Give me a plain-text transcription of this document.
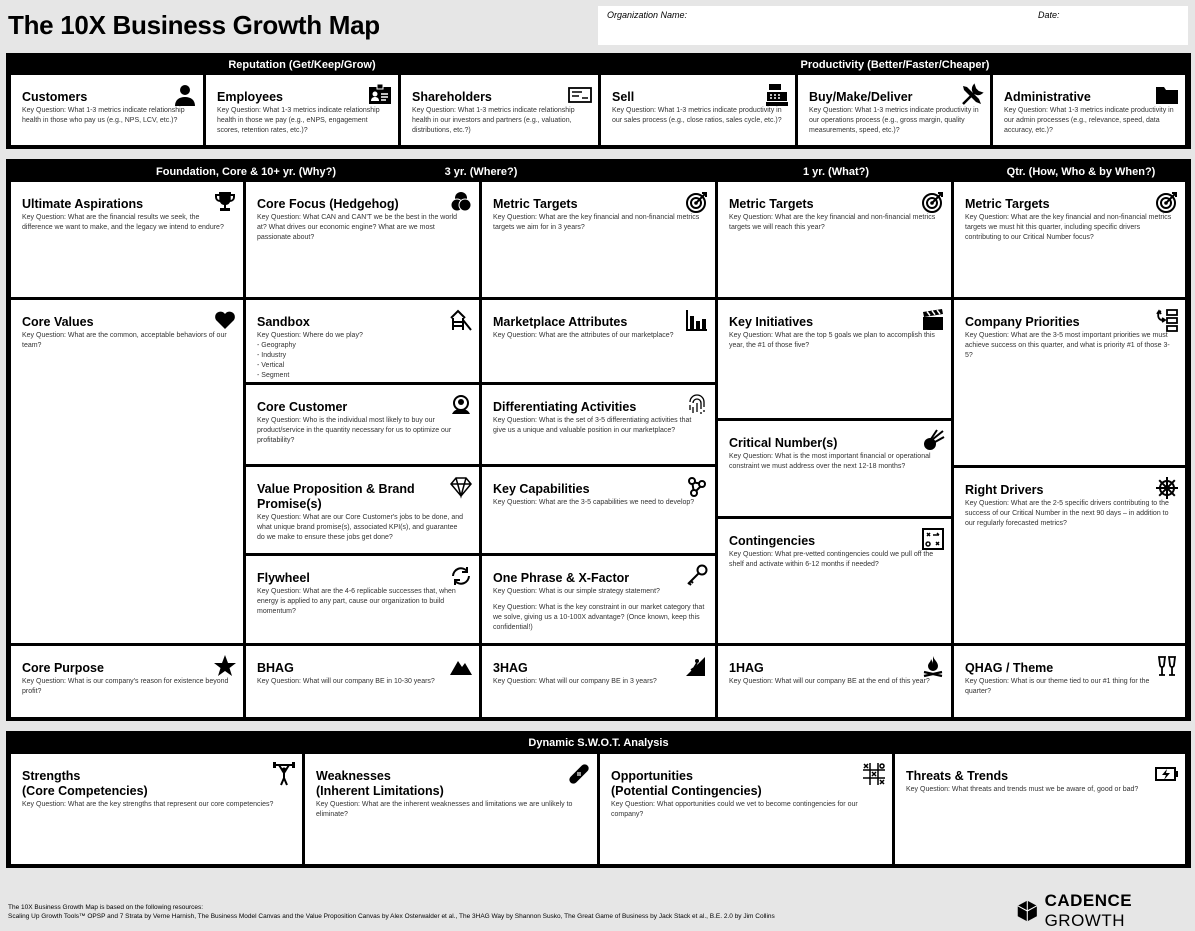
The 10X Business Growth Map	Organization Name:	Date:
Reputation (Get/Keep/Grow)	Productivity (Better/Faster/Cheaper)
Customers
Key Question: What 1-3 metrics indicate relationship health in those who pay us (e.g., NPS, LCV, etc.)?
Employees
Key Question: What 1-3 metrics indicate relationship health in those we pay (e.g., eNPS, engagement scores, retention rates, etc.)?
Shareholders
Key Question: What 1-3 metrics indicate relationship health in our investors and partners (e.g., valuation, distributions, etc.?)
Sell
Key Question: What 1-3 metrics indicate productivity in our sales process (e.g., close ratios, sales cycle, etc.)?
Buy/Make/Deliver
Key Question: What 1-3 metrics indicate productivity in our operations process (e.g., gross margin, quality measurements, speed, etc.)?
Administrative
Key Question: What 1-3 metrics indicate productivity in our admin processes (e.g., relevance, speed, data accuracy, etc.)?
Foundation, Core & 10+ yr. (Why?)	3 yr. (Where?)	1 yr. (What?)	Qtr. (How, Who & by When?)
Ultimate Aspirations
Key Question: What are the financial results we seek, the difference we want to make, and the legacy we intend to endure?
Core Values
Key Question: What are the common, acceptable behaviors of our team?
Core Purpose
Key Question: What is our company's reason for existence beyond profit?
Core Focus (Hedgehog)
Key Question: What CAN and CAN'T we be the best in the world at? What drives our economic engine? What are we most passionate about?
Sandbox
Key Question: Where do we play?
- Geography
- Industry
- Vertical
- Segment
Core Customer
Key Question: Who is the individual most likely to buy our product/service in the quantity necessary for us to optimize our profitability?
Value Proposition & Brand Promise(s)
Key Question: What are our Core Customer's jobs to be done, and what unique brand promise(s), associated KPI(s), and guarantee do we make to ensure these jobs get done?
Flywheel
Key Question: What are the 4-6 replicable successes that, when energy is applied to any part, cause our organization to build momentum?
BHAG
Key Question: What will our company BE in 10-30 years?
Metric Targets
Key Question: What are the key financial and non-financial metrics targets we aim for in 3 years?
Marketplace Attributes
Key Question: What are the attributes of our marketplace?
Differentiating Activities
Key Question: What is the set of 3-5 differentiating activities that give us a unique and valuable position in our marketplace?
Key Capabilities
Key Question: What are the 3-5 capabilities we need to develop?
One Phrase & X-Factor
Key Question: What is our simple strategy statement?
Key Question: What is the key constraint in our market category that we solve, giving us a 10-100X advantage? (Once known, keep this confidential!)
3HAG
Key Question: What will our company BE in 3 years?
Metric Targets
Key Question: What are the key financial and non-financial metrics targets we will reach this year?
Key Initiatives
Key Question: What are the top 5 goals we plan to accomplish this year, the #1 of those five?
Critical Number(s)
Key Question: What is the most important financial or operational constraint we must address over the next 12-18 months?
Contingencies
Key Question: What pre-vetted contingencies could we pull off the shelf and activate within 6-12 months if needed?
1HAG
Key Question: What will our company BE at the end of this year?
Metric Targets
Key Question: What are the key financial and non-financial metrics targets we must hit this quarter, including specific drivers contributing to our Critical Number focus?
Company Priorities
Key Question: What are the 3-5 most important priorities we must achieve success on this quarter, and what is priority #1 of those 3-5?
Right Drivers
Key Question: What are the 2-5 specific drivers contributing to the success of our Critical Number in the next 90 days – in addition to our regularly forecasted metrics?
QHAG / Theme
Key Question: What is our theme tied to our #1 thing for the quarter?
Dynamic S.W.O.T. Analysis
Strengths
(Core Competencies)
Key Question: What are the key strengths that represent our core competencies?
Weaknesses
(Inherent Limitations)
Key Question: What are the inherent weaknesses and limitations we are unlikely to eliminate?
Opportunities
(Potential Contingencies)
Key Question: What opportunities could we vet to become contingencies for our company?
Threats & Trends

Key Question: What threats and trends must we be aware of, good or bad?
The 10X Business Growth Map is based on the following resources:
Scaling Up Growth Tools™ OPSP and 7 Strata by Verne Harnish, The Business Model Canvas and the Value Proposition Canvas by Alex Osterwalder et al., The 3HAG Way by Shannon Susko, The Great Game of Business by Jack Stack et al., B.E. 2.0 by Jim Collins
CADENCE GROWTH
